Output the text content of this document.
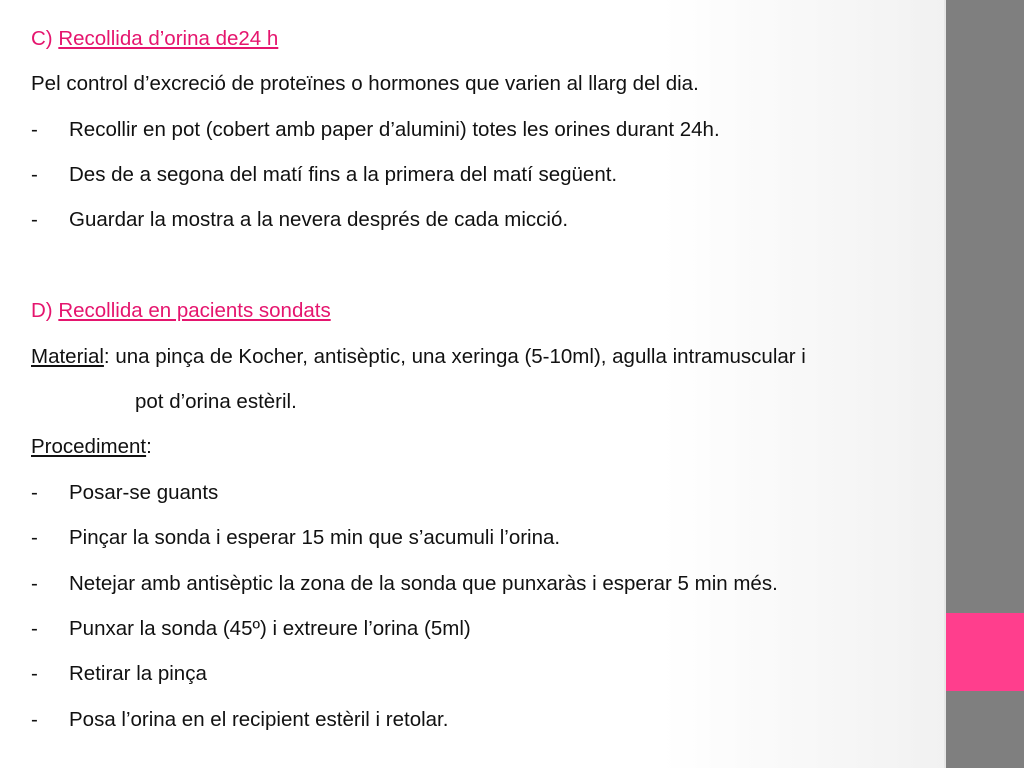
C) Recollida d’orina de24 h

Pel control d’excreció de proteïnes o hormones que varien al llarg del dia.

- Recollir en pot (cobert amb paper d’alumini) totes les orines durant 24h.

- Des de a segona del matí fins a la primera del matí següent.

- Guardar la mostra a la nevera després de cada micció.

D) Recollida en pacients sondats

Material: una pinça de Kocher, antisèptic, una xeringa (5-10ml), agulla intramuscular i

pot d’orina estèril.

Procediment:

- Posar-se guants

- Pinçar la sonda i esperar 15 min que s’acumuli l’orina.

- Netejar amb antisèptic la zona de la sonda que punxaràs i esperar 5 min més.

- Punxar la sonda (45º) i extreure l’orina (5ml)

- Retirar la pinça

- Posa l’orina en el recipient estèril i retolar.
